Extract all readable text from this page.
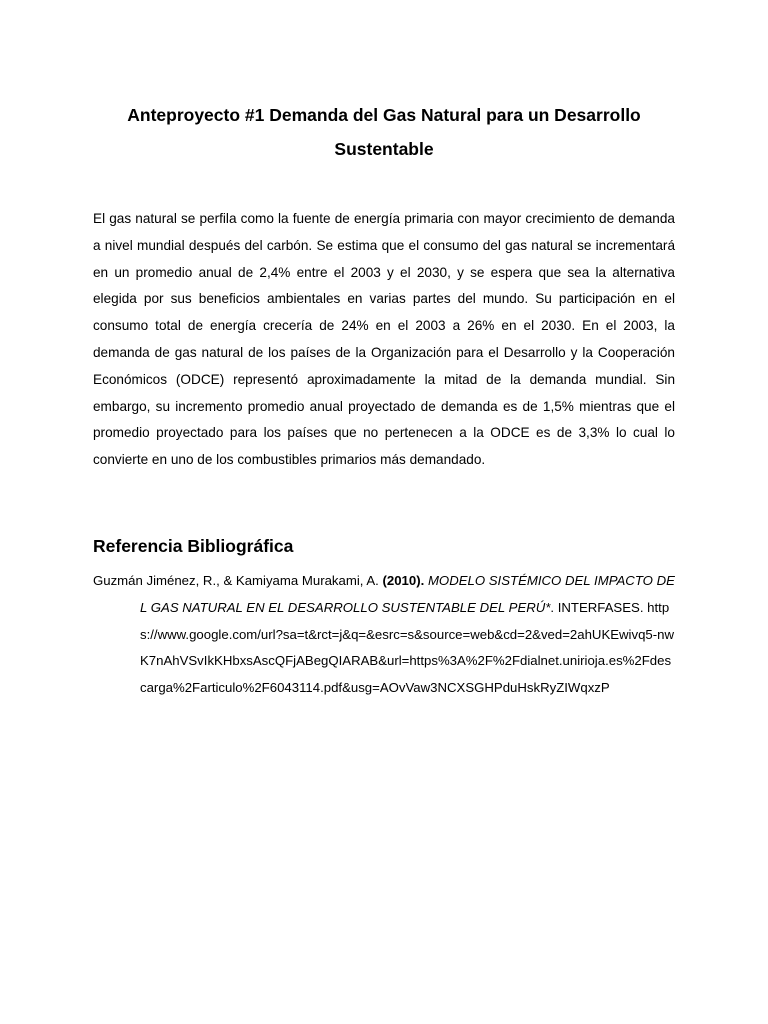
Anteproyecto #1 Demanda del Gas Natural para un Desarrollo
Sustentable

El gas natural se perfila como la fuente de energía primaria con mayor crecimiento de demanda a nivel mundial después del carbón. Se estima que el consumo del gas natural se incrementará en un promedio anual de 2,4% entre el 2003 y el 2030, y se espera que sea la alternativa elegida por sus beneficios ambientales en varias partes del mundo. Su participación en el consumo total de energía crecería de 24% en el 2003 a 26% en el 2030. En el 2003, la demanda de gas natural de los países de la Organización para el Desarrollo y la Cooperación Económicos (ODCE) representó aproximadamente la mitad de la demanda mundial. Sin embargo, su incremento promedio anual proyectado de demanda es de 1,5% mientras que el promedio proyectado para los países que no pertenecen a la ODCE es de 3,3% lo cual lo convierte en uno de los combustibles primarios más demandado.

Referencia Bibliográfica

Guzmán Jiménez, R., & Kamiyama Murakami, A. (2010). MODELO SISTÉMICO DEL IMPACTO DEL GAS NATURAL EN EL DESARROLLO SUSTENTABLE DEL PERÚ*. INTERFASES. https://www.google.com/url?sa=t&rct=j&q=&esrc=s&source=web&cd=2&ved=2ahUKEwivq5-nwK7nAhVSvIkKHbxsAscQFjABegQIARAB&url=https%3A%2F%2Fdialnet.unirioja.es%2Fdescarga%2Farticulo%2F6043114.pdf&usg=AOvVaw3NCXSGHPduHskRyZIWqxzP
